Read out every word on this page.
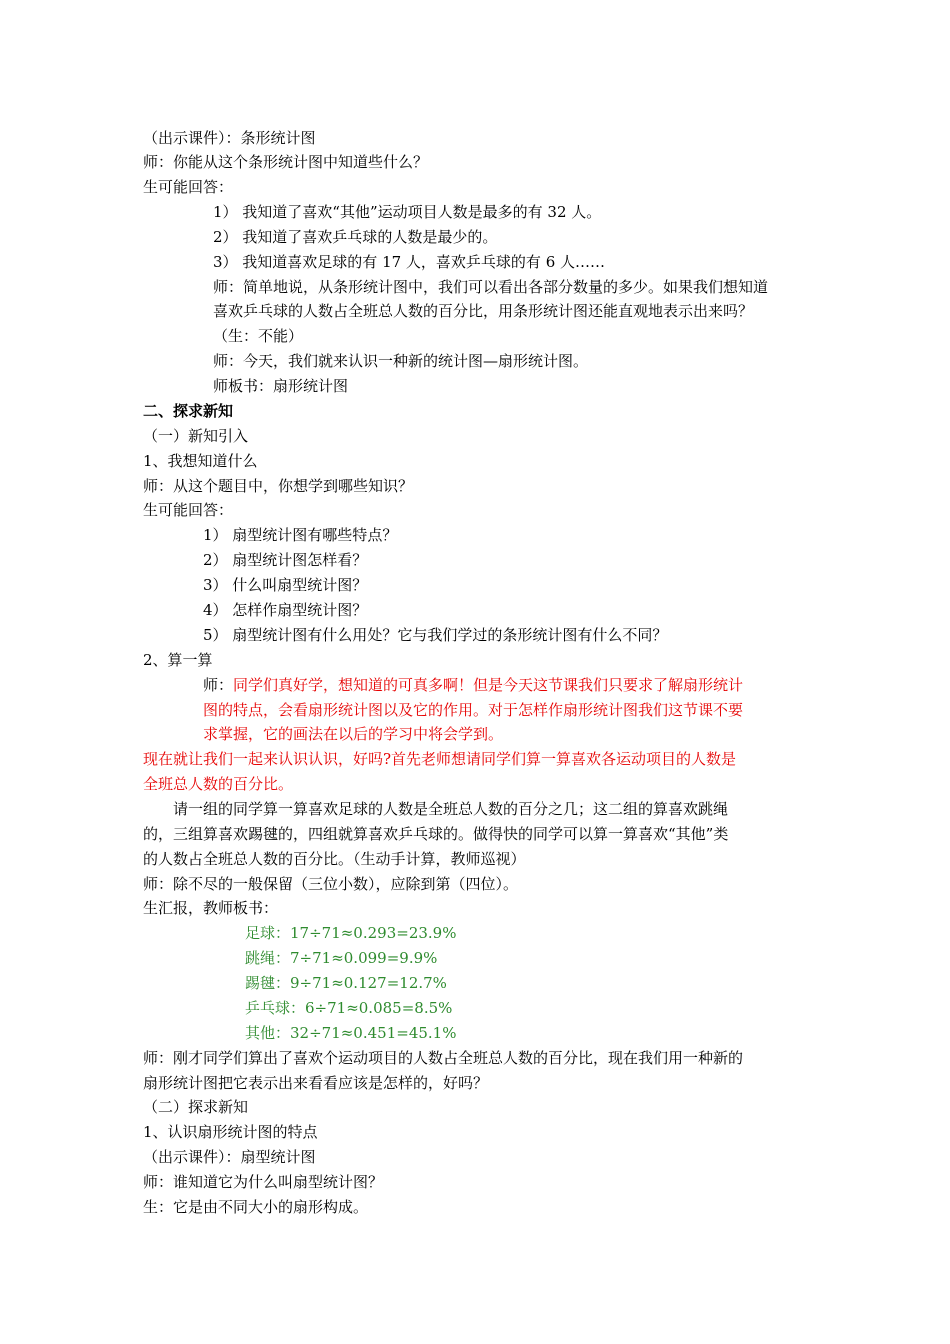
（出示课件）：条形统计图
师：你能从这个条形统计图中知道些什么？
生可能回答：
1） 我知道了喜欢“其他”运动项目人数是最多的有 32 人。
2） 我知道了喜欢乒乓球的人数是最少的。
3） 我知道喜欢足球的有 17 人，喜欢乒乓球的有 6 人……
师：简单地说，从条形统计图中，我们可以看出各部分数量的多少。如果我们想知道
喜欢乒乓球的人数占全班总人数的百分比，用条形统计图还能直观地表示出来吗？
（生：不能）
师：今天，我们就来认识一种新的统计图—扇形统计图。
师板书：扇形统计图
二、探求新知
（一）新知引入
1、我想知道什么
师：从这个题目中，你想学到哪些知识？
生可能回答：
1） 扇型统计图有哪些特点？
2） 扇型统计图怎样看？
3） 什么叫扇型统计图？
4） 怎样作扇型统计图？
5） 扇型统计图有什么用处？它与我们学过的条形统计图有什么不同？
2、算一算
师：同学们真好学，想知道的可真多啊！但是今天这节课我们只要求了解扇形统计
图的特点，会看扇形统计图以及它的作用。对于怎样作扇形统计图我们这节课不要
求掌握，它的画法在以后的学习中将会学到。
现在就让我们一起来认识认识，好吗?首先老师想请同学们算一算喜欢各运动项目的人数是
全班总人数的百分比。
请一组的同学算一算喜欢足球的人数是全班总人数的百分之几；这二组的算喜欢跳绳
的，三组算喜欢踢毽的，四组就算喜欢乒乓球的。做得快的同学可以算一算喜欢“其他”类
的人数占全班总人数的百分比。（生动手计算，教师巡视）
师：除不尽的一般保留（三位小数），应除到第（四位）。
生汇报，教师板书：
足球：17÷71≈0.293=23.9%
跳绳：7÷71≈0.099=9.9%
踢毽：9÷71≈0.127=12.7%
乒乓球：6÷71≈0.085=8.5%
其他：32÷71≈0.451=45.1%
师：刚才同学们算出了喜欢个运动项目的人数占全班总人数的百分比，现在我们用一种新的
扇形统计图把它表示出来看看应该是怎样的，好吗？
（二）探求新知
1、认识扇形统计图的特点
（出示课件）：扇型统计图
师：谁知道它为什么叫扇型统计图？
生：它是由不同大小的扇形构成。
